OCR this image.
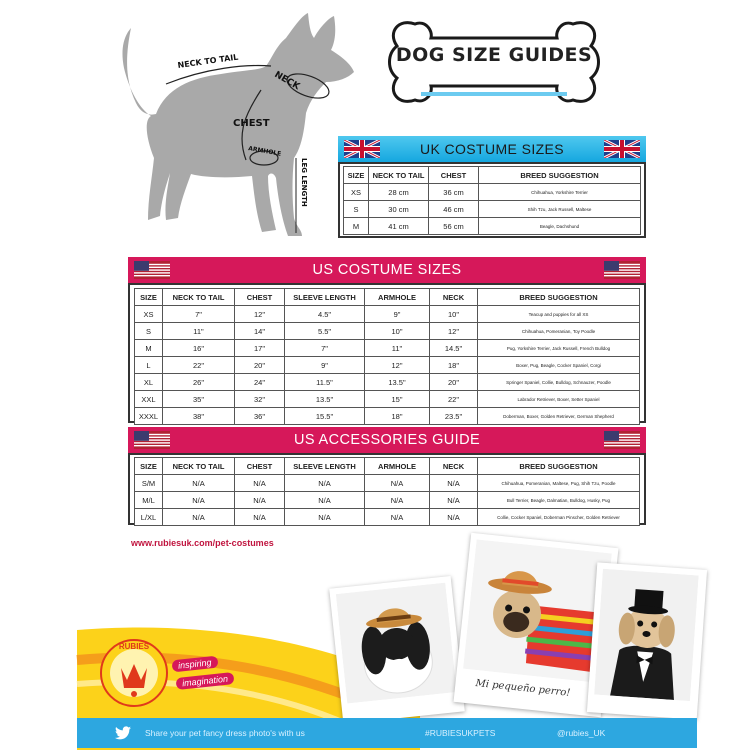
NECK TO TAIL
NECK
CHEST
ARMHOLE
LEG LENGTH
DOG SIZE GUIDES
UK COSTUME SIZES
SIZE	NECK TO TAIL	CHEST	BREED SUGGESTION
XS	28 cm	36 cm	Chihuahua, Yorkshire Terrier
S	30 cm	46 cm	Shih Tzu, Jack Russell, Maltese
M	41 cm	56 cm	Beagle, Dachshund
US COSTUME SIZES
SIZE	NECK TO TAIL	CHEST	SLEEVE LENGTH	ARMHOLE	NECK	BREED SUGGESTION
XS	7"	12"	4.5"	9"	10"	Teacup and puppies for all XS
S	11"	14"	5.5"	10"	12"	Chihuahua, Pomeranian, Toy Poodle
M	16"	17"	7"	11"	14.5"	Pug, Yorkshire Terrier, Jack Russell, French Bulldog
L	22"	20"	9"	12"	18"	Boxer, Pug, Beagle, Cocker Spaniel, Corgi
XL	26"	24"	11.5"	13.5"	20"	Springer Spaniel, Collie, Bulldog, Schnauzer, Poodle
XXL	35"	32"	13.5"	15"	22"	Labrador Retriever, Boxer, Setter Spaniel
XXXL	38"	36"	15.5"	18"	23.5"	Doberman, Boxer, Golden Retriever, German Shepherd
US ACCESSORIES GUIDE
SIZE	NECK TO TAIL	CHEST	SLEEVE LENGTH	ARMHOLE	NECK	BREED SUGGESTION
S/M	N/A	N/A	N/A	N/A	N/A	Chihuahua, Pomeranian, Maltese, Pug, Shih Tzu, Poodle
M/L	N/A	N/A	N/A	N/A	N/A	Bull Terrier, Beagle, Dalmatian, Bulldog, Husky, Pug
L/XL	N/A	N/A	N/A	N/A	N/A	Collie, Cocker Spaniel, Doberman Pinscher, Golden Retriever
www.rubiesuk.com/pet-costumes
RUBIES
inspiring
imagination	Mi pequeño perro!
Share your pet fancy dress photo's with us	#RUBIESUKPETS	@rubies_UK
